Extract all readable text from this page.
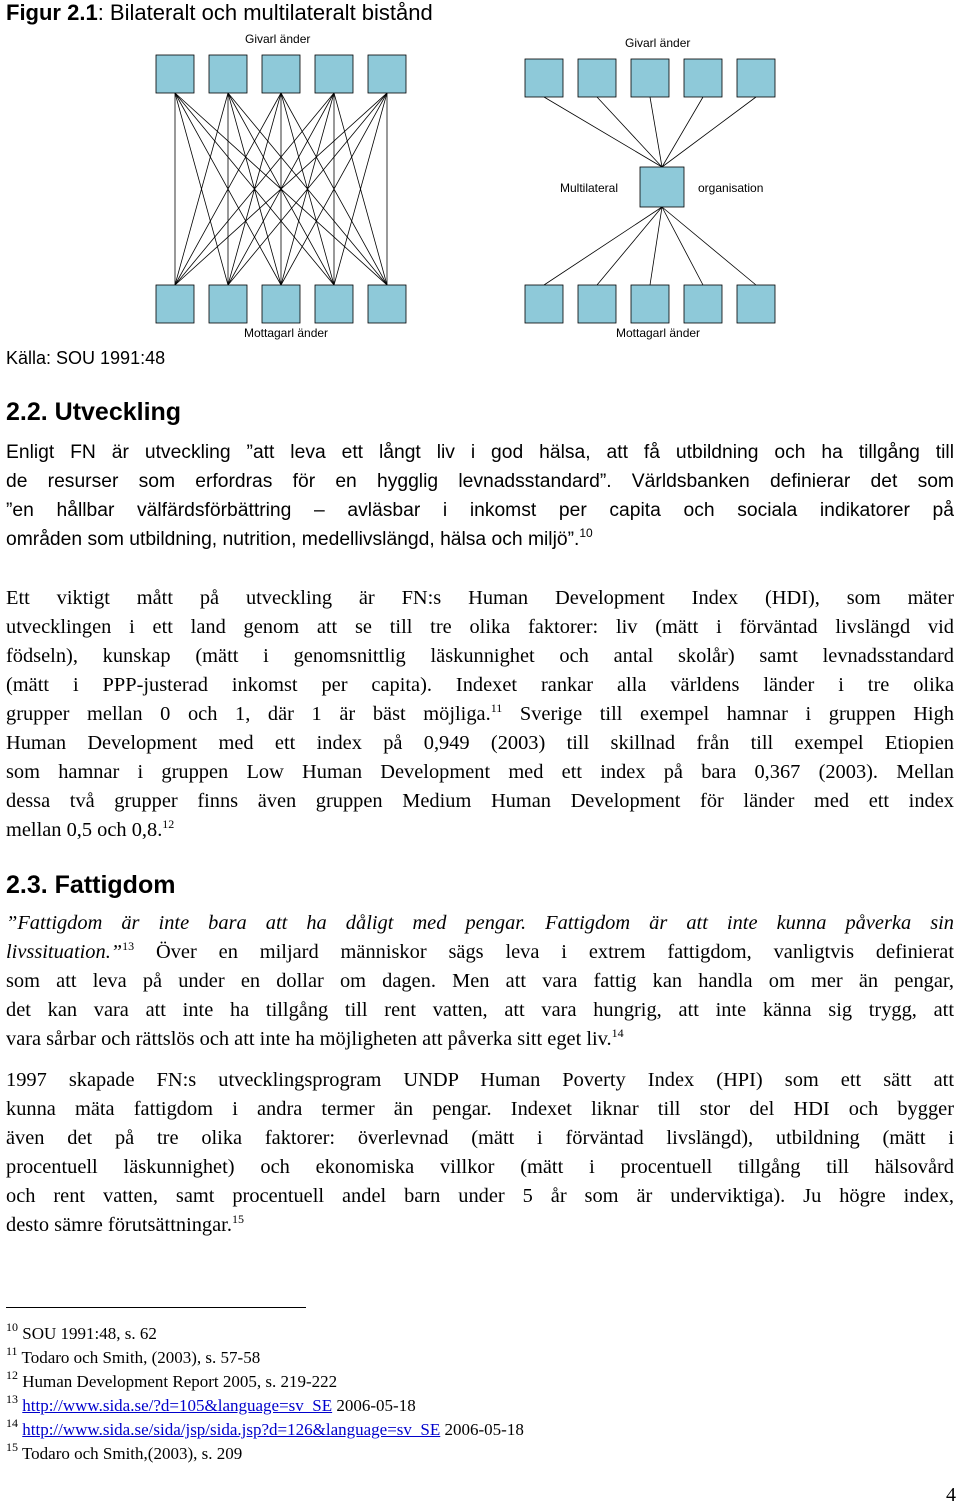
Figur 2.1: Bilateralt och multilateralt bistånd
Givarl änder	Givarl änder
Multilateral	organisation
Mottagarl änder	Mottagarl änder
Källa: SOU 1991:48
2.2. Utveckling
Enligt FN är utveckling ”att leva ett långt liv i god hälsa, att få utbildning och ha tillgång till
de resurser som erfordras för en hygglig levnadsstandard”. Världsbanken definierar det som
”en hållbar välfärdsförbättring – avläsbar i inkomst per capita och sociala indikatorer på
områden som utbildning, nutrition, medellivslängd, hälsa och miljö”.$^{10}$
Ett viktigt mått på utveckling är FN:s Human Development Index (HDI), som mäter
utvecklingen i ett land genom att se till tre olika faktorer: liv (mätt i förväntad livslängd vid
födseln), kunskap (mätt i genomsnittlig läskunnighet och antal skolår) samt levnadsstandard
(mätt i PPP-justerad inkomst per capita). Indexet rankar alla världens länder i tre olika
grupper mellan 0 och 1, där 1 är bäst möjliga.$^{11}$ Sverige till exempel hamnar i gruppen High
Human Development med ett index på 0,949 (2003) till skillnad från till exempel Etiopien
som hamnar i gruppen Low Human Development med ett index på bara 0,367 (2003). Mellan
dessa två grupper finns även gruppen Medium Human Development för länder med ett index
mellan 0,5 och 0,8.12
2.3. Fattigdom
”Fattigdom är inte bara att ha dåligt med pengar. Fattigdom är att inte kunna påverka sin
livssituation.”$^{13}$ Över en miljard människor sägs leva i extrem fattigdom, vanligtvis definierat
som att leva på under en dollar om dagen. Men att vara fattig kan handla om mer än pengar,
det kan vara att inte ha tillgång till rent vatten, att vara hungrig, att inte känna sig trygg, att
vara sårbar och rättslös och att inte ha möjligheten att påverka sitt eget liv.$^{14}$
1997 skapade FN:s utvecklingsprogram UNDP Human Poverty Index (HPI) som ett sätt att
kunna mäta fattigdom i andra termer än pengar. Indexet liknar till stor del HDI och bygger
även det på tre olika faktorer: överlevnad (mätt i förväntad livslängd), utbildning (mätt i
procentuell läskunnighet) och ekonomiska villkor (mätt i procentuell tillgång till hälsovård
och rent vatten, samt procentuell andel barn under 5 år som är underviktiga). Ju högre index,
desto sämre förutsättningar.$^{15}$
$^{10}$ SOU 1991:48, s. 62
$^{11}$ Todaro och Smith, (2003), s. 57-58
$^{12}$ Human Development Report 2005, s. 219-222
$^{13}$ http://www.sida.se/?d=105&language=sv_SE 2006-05-18
$^{14}$ http://www.sida.se/sida/jsp/sida.jsp?d=126&language=sv_SE 2006-05-18
$^{15}$ Todaro och Smith,(2003), s. 209
4
